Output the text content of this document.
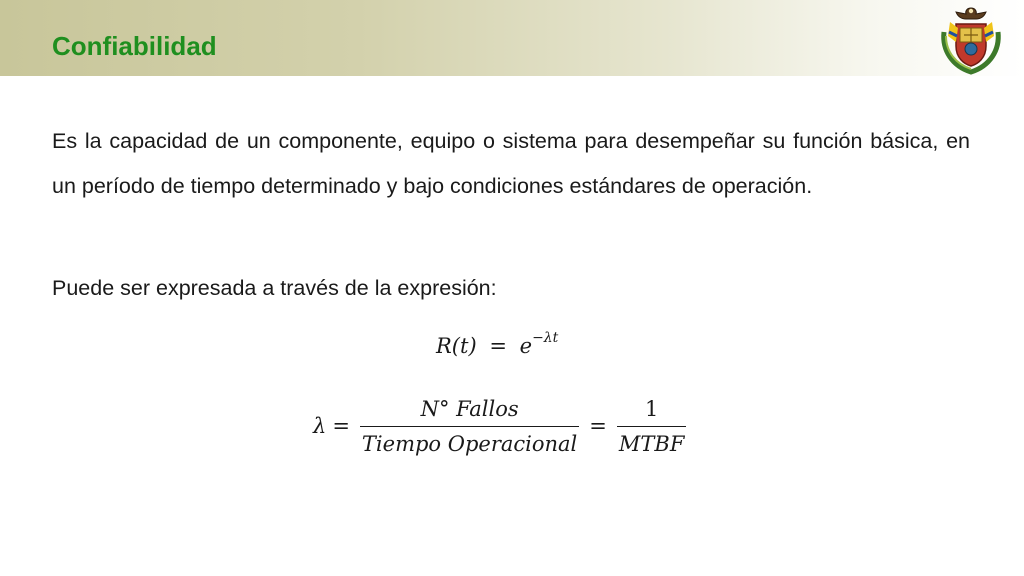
Confiabilidad

Es la capacidad de un componente, equipo o sistema para desempeñar su función básica, en un período de tiempo determinado y bajo condiciones estándares de operación.

Puede ser expresada a través de la expresión:
$R(t) = e^{-\lambda t}$
$\lambda = \frac{\text{N° Fallos}}{\text{Tiempo Operacional}} = \frac{1}{\text{MTBF}}$
